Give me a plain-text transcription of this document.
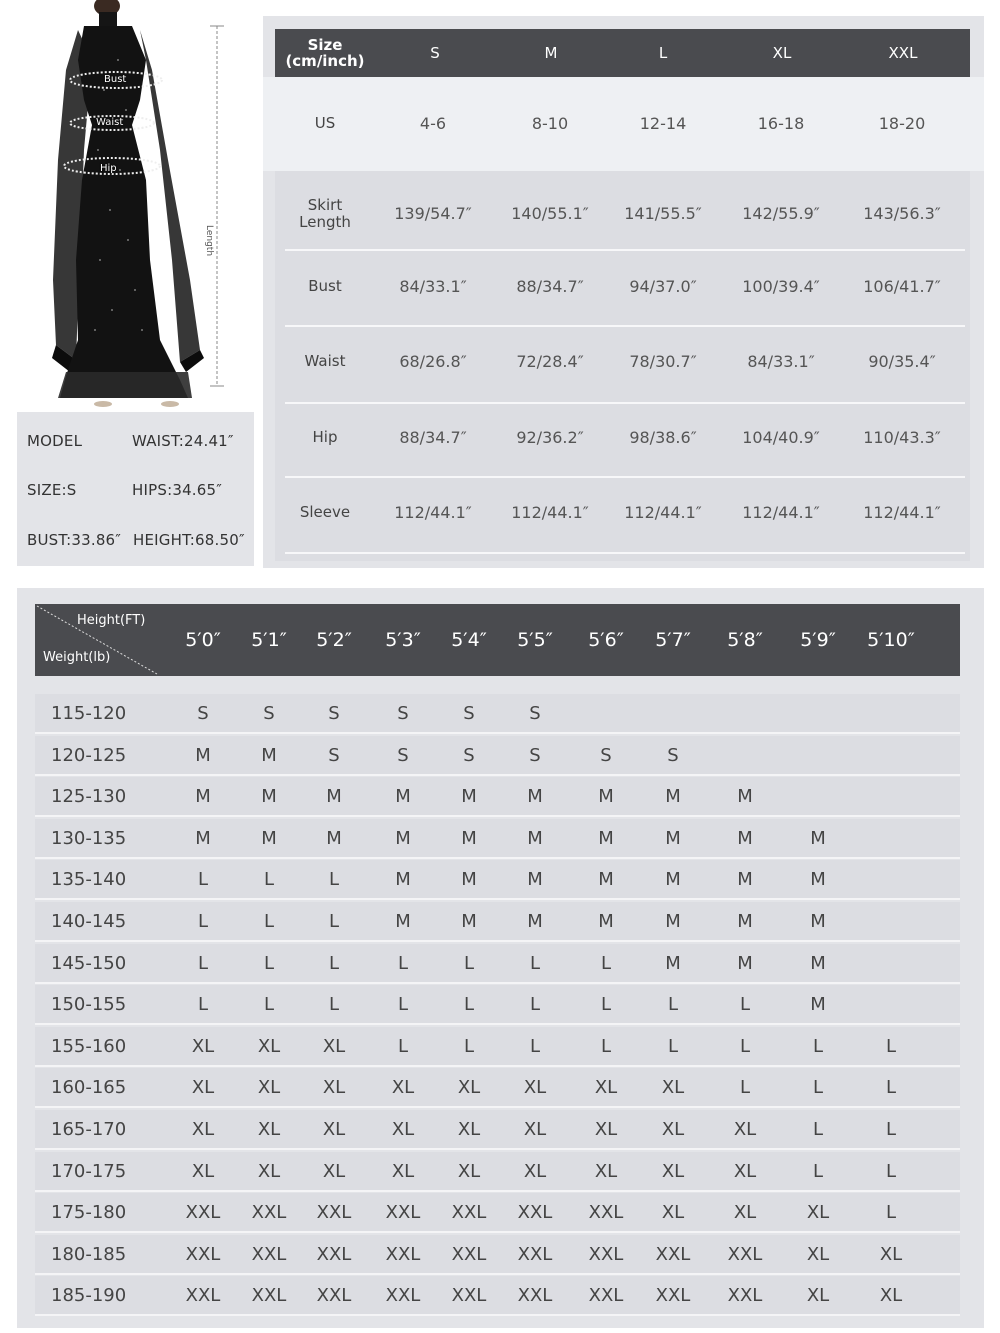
Bust
Waist
Hip
Length
MODEL	WAIST:24.41″
SIZE:S	HIPS:34.65″
BUST:33.86″ HEIGHT:68.50″
Size
(cm/inch)	S	M	L	XL	XXL
US	4-6	8-10	12-14	16-18	18-20
Skirt
Length	139/54.7″	140/55.1″	141/55.5″	142/55.9″	143/56.3″
Bust	84/33.1″	88/34.7″	94/37.0″	100/39.4″	106/41.7″
Waist	68/26.8″	72/28.4″	78/30.7″	84/33.1″	90/35.4″
Hip	88/34.7″	92/36.2″	98/38.6″	104/40.9″	110/43.3″
Sleeve	112/44.1″	112/44.1″	112/44.1″	112/44.1″	112/44.1″
Height(FT)
Weight(lb)
5′0″	5′1″	5′2″	5′3″	5′4″	5′5″	5′6″	5′7″	5′8″	5′9″	5′10″
115-120	S	S	S	S	S	S
120-125	M	M	S	S	S	S	S	S
125-130	M	M	M	M	M	M	M	M	M
130-135	M	M	M	M	M	M	M	M	M	M
135-140	L	L	L	M	M	M	M	M	M	M
140-145	L	L	L	M	M	M	M	M	M	M
145-150	L	L	L	L	L	L	L	M	M	M
150-155	L	L	L	L	L	L	L	L	L	M
155-160	XL	XL	XL	L	L	L	L	L	L	L	L
160-165	XL	XL	XL	XL	XL	XL	XL	XL	L	L	L
165-170	XL	XL	XL	XL	XL	XL	XL	XL	XL	L	L
170-175	XL	XL	XL	XL	XL	XL	XL	XL	XL	L	L
175-180	XXL	XXL	XXL	XXL	XXL	XXL	XXL	XL	XL	XL	L
180-185	XXL	XXL	XXL	XXL	XXL	XXL	XXL	XXL	XXL	XL	XL
185-190	XXL	XXL	XXL	XXL	XXL	XXL	XXL	XXL	XXL	XL	XL
